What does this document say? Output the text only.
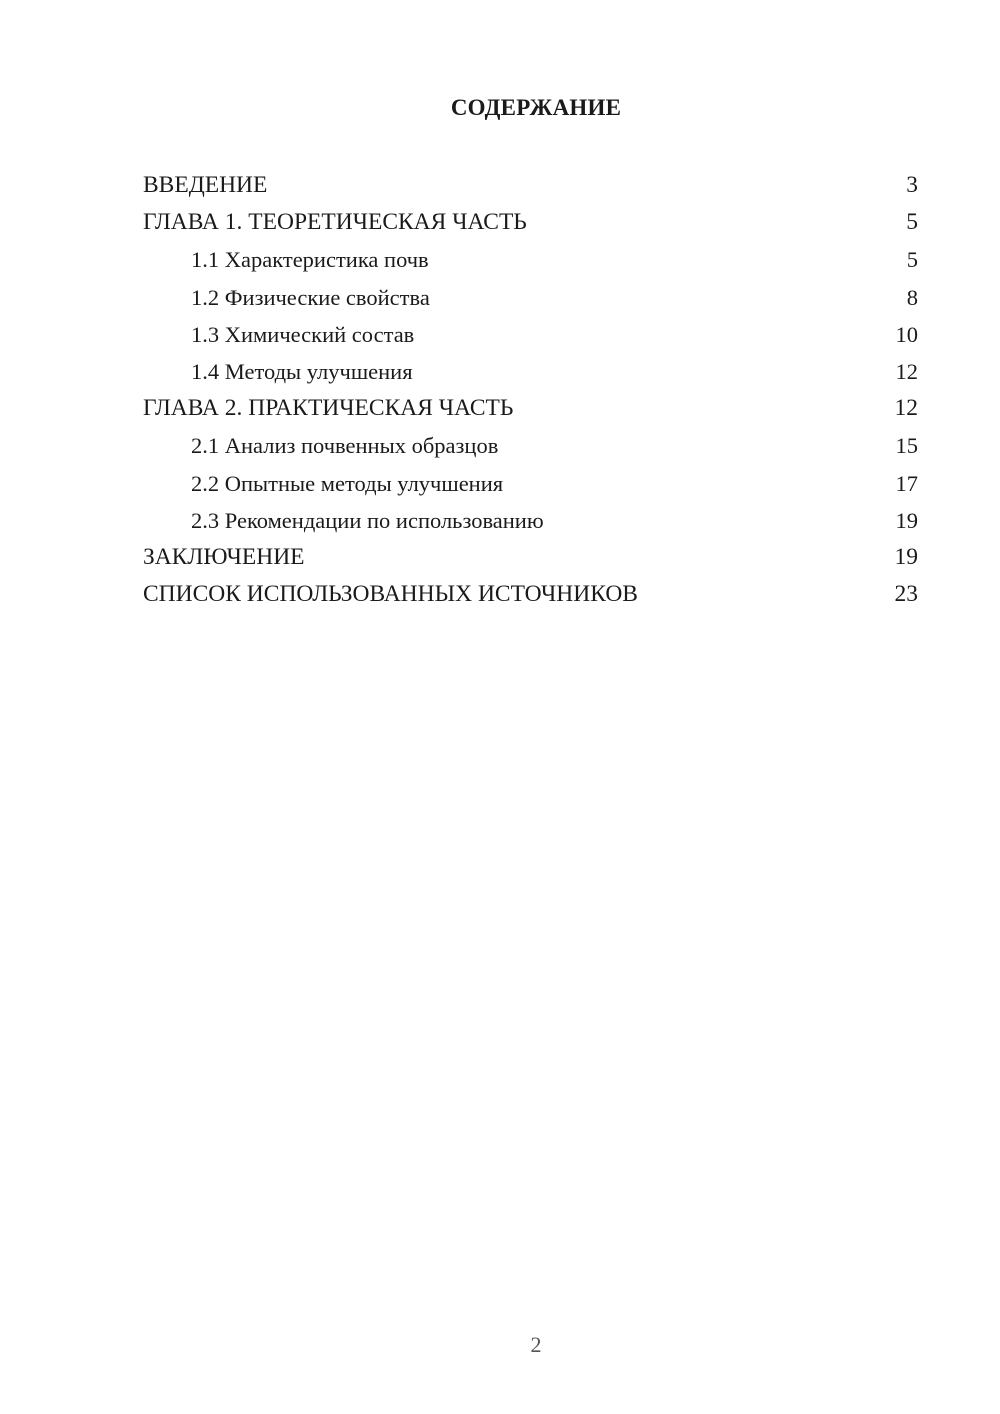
СОДЕРЖАНИЕ
ВВЕДЕНИЕ	3
ГЛАВА 1. ТЕОРЕТИЧЕСКАЯ ЧАСТЬ	5
1.1 Характеристика почв	5
1.2 Физические свойства	8
1.3 Химический состав	10
1.4 Методы улучшения	12
ГЛАВА 2. ПРАКТИЧЕСКАЯ ЧАСТЬ	12
2.1 Анализ почвенных образцов	15
2.2 Опытные методы улучшения	17
2.3 Рекомендации по использованию	19
ЗАКЛЮЧЕНИЕ	19
СПИСОК ИСПОЛЬЗОВАННЫХ ИСТОЧНИКОВ	23
2
